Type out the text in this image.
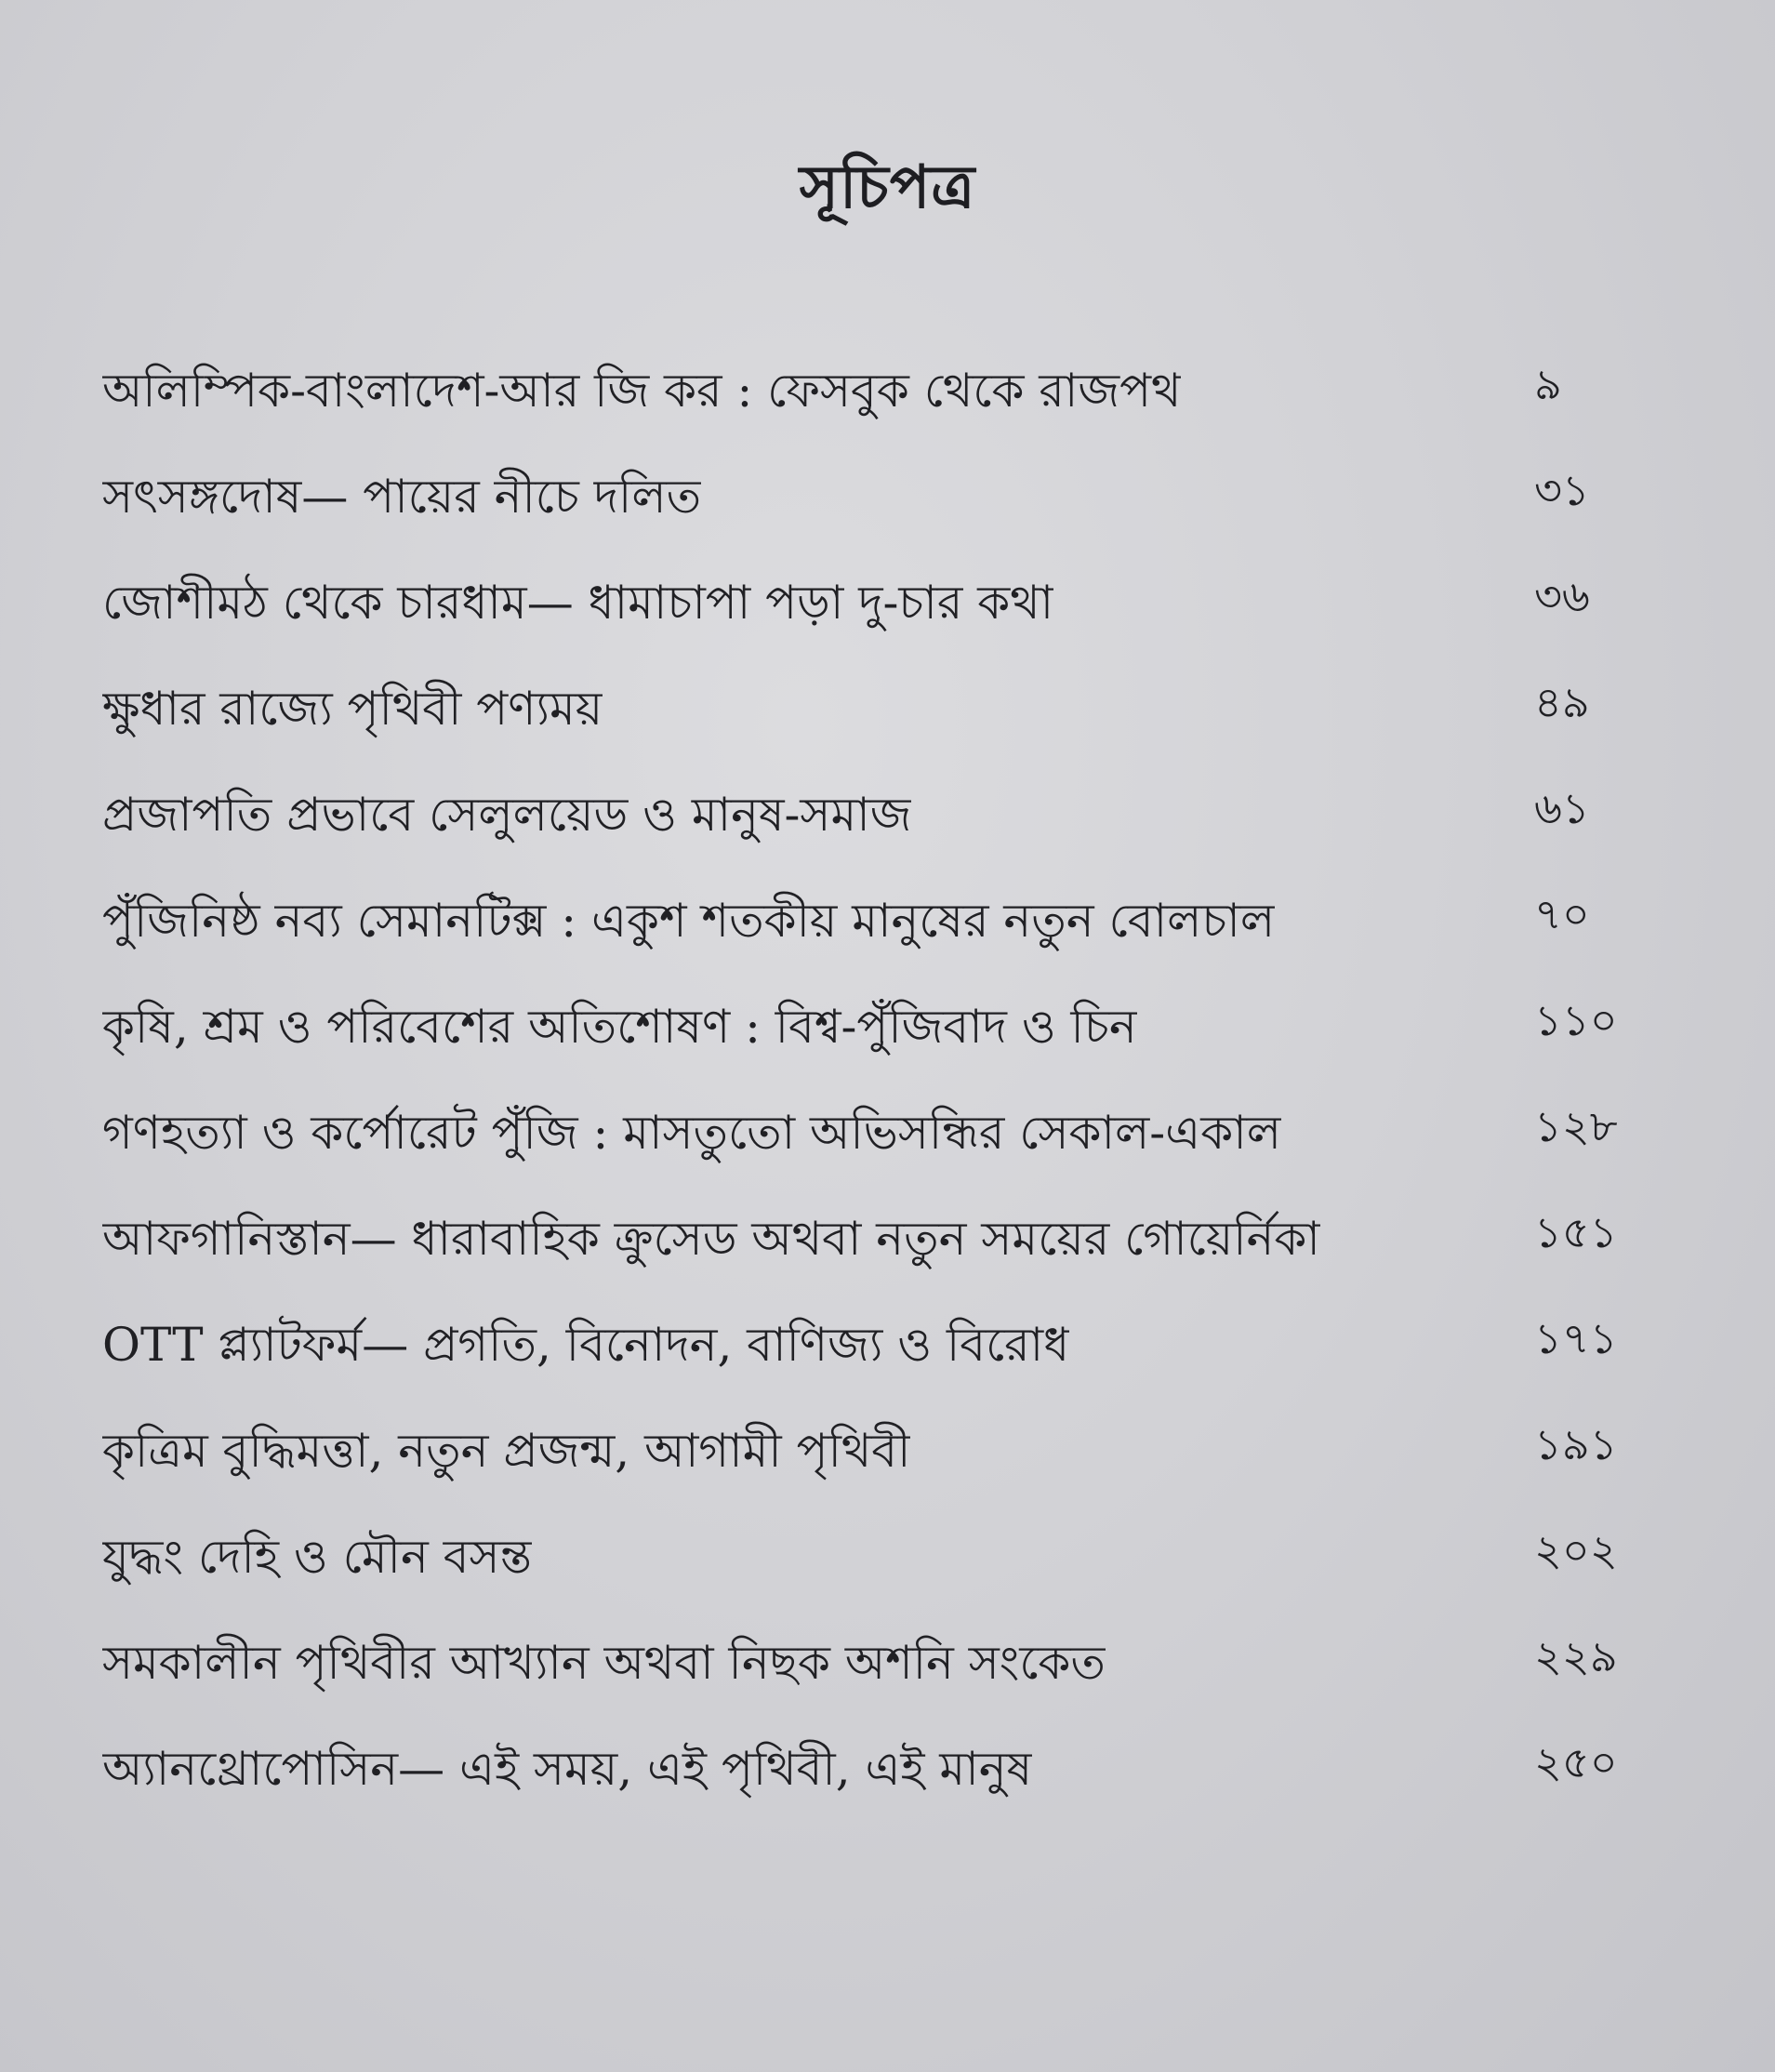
সূচিপত্র
অলিম্পিক-বাংলাদেশ-আর জি কর : ফেসবুক থেকে রাজপথ	৯
সৎসঙ্গদোষ— পায়ের নীচে দলিত	৩১
জোশীমঠ থেকে চারধাম— ধামাচাপা পড়া দু-চার কথা	৩৬
ক্ষুধার রাজ্যে পৃথিবী পণ্যময়	৪৯
প্রজাপতি প্রভাবে সেলুলয়েড ও মানুষ-সমাজ	৬১
পুঁজিনিষ্ঠ নব্য সেমানটিক্স : একুশ শতকীয় মানুষের নতুন বোলচাল	৭০
কৃষি, শ্রম ও পরিবেশের অতিশোষণ : বিশ্ব-পুঁজিবাদ ও চিন	১১০
গণহত্যা ও কর্পোরেট পুঁজি : মাসতুতো অভিসন্ধির সেকাল-একাল	১২৮
আফগানিস্তান— ধারাবাহিক ক্রুসেড অথবা নতুন সময়ের গোয়ের্নিকা	১৫১
OTT প্ল্যাটফর্ম— প্রগতি, বিনোদন, বাণিজ্য ও বিরোধ	১৭১
কৃত্রিম বুদ্ধিমত্তা, নতুন প্রজন্ম, আগামী পৃথিবী	১৯১
যুদ্ধং দেহি ও মৌন বসন্ত	২০২
সমকালীন পৃথিবীর আখ্যান অথবা নিছক অশনি সংকেত	২২৯
অ্যানথ্রোপোসিন— এই সময়, এই পৃথিবী, এই মানুষ	২৫০
